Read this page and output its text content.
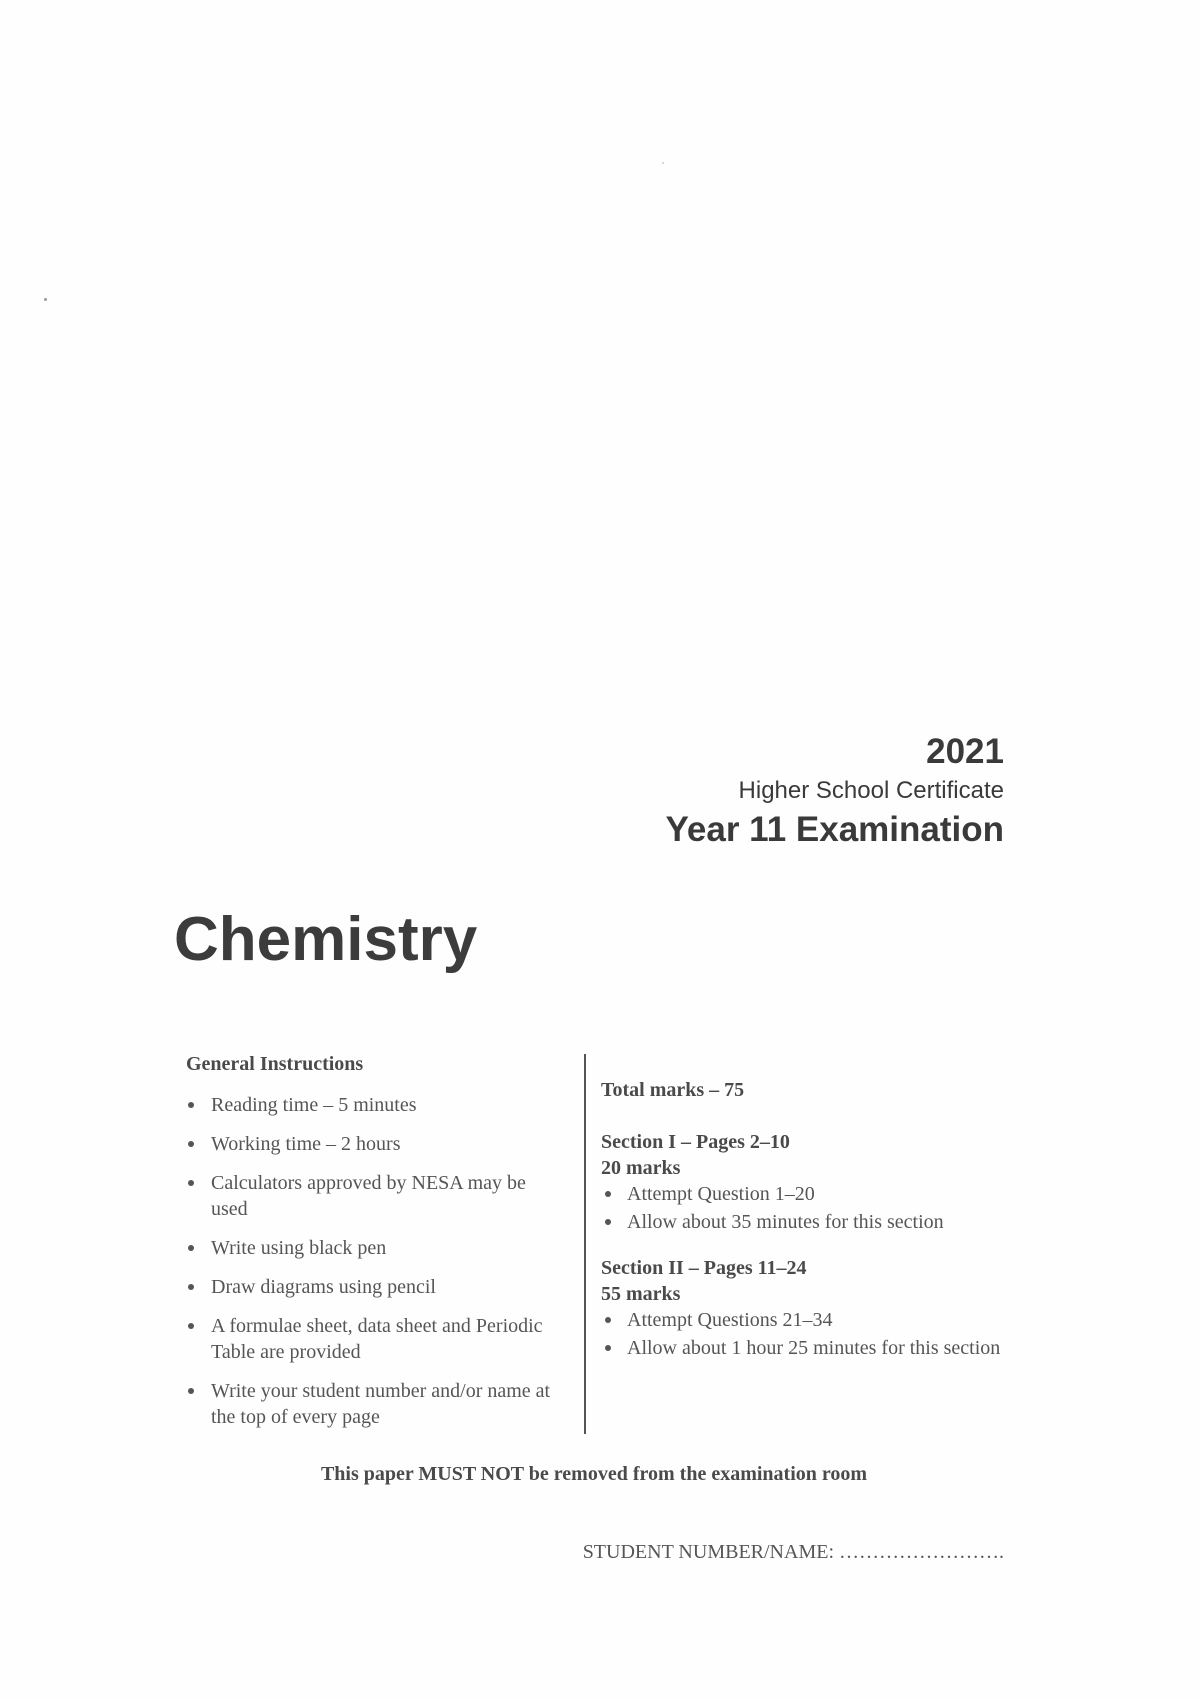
2021
Higher School Certificate
Year 11 Examination
Chemistry
General Instructions
Reading time – 5 minutes
Working time – 2 hours
Calculators approved by NESA may be used
Write using black pen
Draw diagrams using pencil
A formulae sheet, data sheet and Periodic Table are provided
Write your student number and/or name at the top of every page
Total marks – 75
Section I – Pages 2–10
20 marks
Attempt Question 1–20
Allow about 35 minutes for this section
Section II – Pages 11–24
55 marks
Attempt Questions 21–34
Allow about 1 hour 25 minutes for this section
This paper MUST NOT be removed from the examination room
STUDENT NUMBER/NAME: …………………….
